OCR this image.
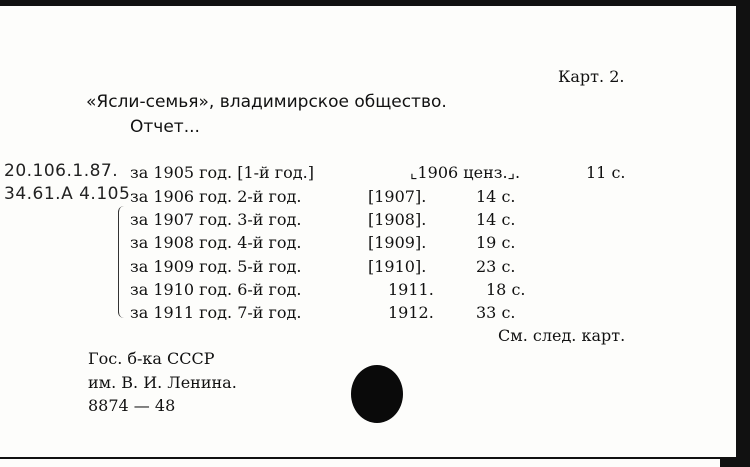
Карт. 2.
«Ясли-семья», владимирское общество.
Отчет...
20.106.1.87.
34.61.A 4.105
за 1905 год. [1-й год.]	⌞1906 ценз.⌟.	11 с.
за 1906 год. 2-й год.	[1907].	14 с.
за 1907 год. 3-й год.	[1908].	14 с.
за 1908 год. 4-й год.	[1909].	19 с.
за 1909 год. 5-й год.	[1910].	23 с.
за 1910 год. 6-й год.	1911.	18 с.
за 1911 год. 7-й год.	1912.	33 с.
См. след. карт.
Гос. б-ка СССР
им. В. И. Ленина.
8874 — 48
